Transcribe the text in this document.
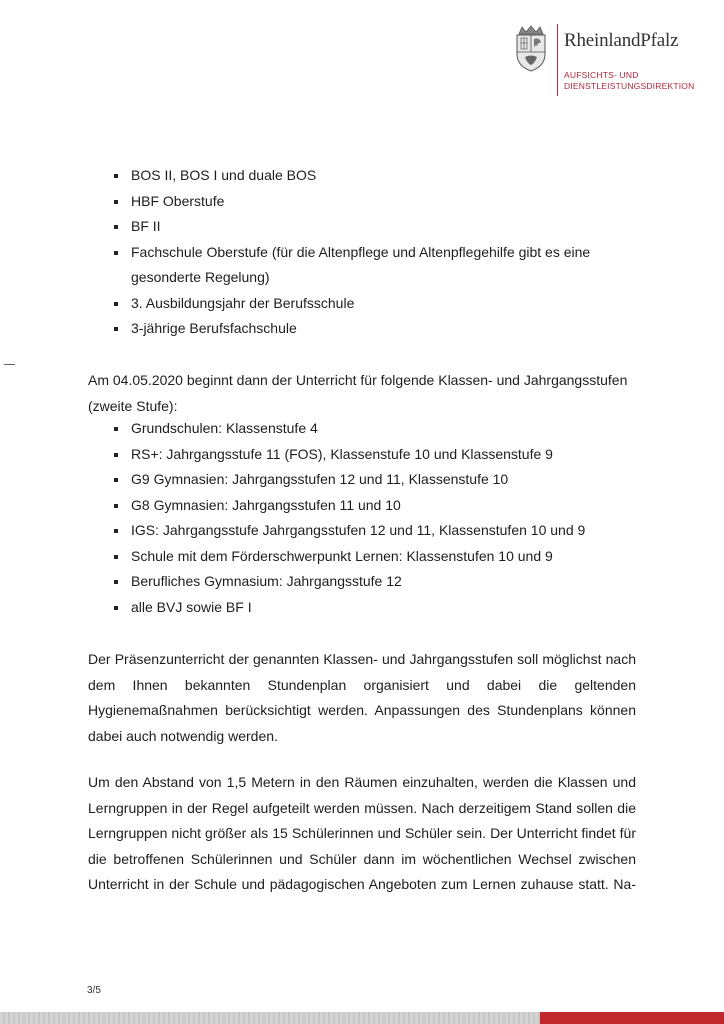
RheinlandPfalz
AUFSICHTS- UND
DIENSTLEISTUNGSDIREKTION
BOS II, BOS I und duale BOS
HBF Oberstufe
BF II
Fachschule Oberstufe (für die Altenpflege und Altenpflegehilfe gibt es eine gesonderte Regelung)
3. Ausbildungsjahr der Berufsschule
3-jährige Berufsfachschule

Am 04.05.2020 beginnt dann der Unterricht für folgende Klassen- und Jahrgangsstufen (zweite Stufe):

Grundschulen: Klassenstufe 4
RS+: Jahrgangsstufe 11 (FOS), Klassenstufe 10 und Klassenstufe 9
G9 Gymnasien: Jahrgangsstufen 12 und 11, Klassenstufe 10
G8 Gymnasien: Jahrgangsstufen 11 und 10
IGS: Jahrgangsstufe Jahrgangsstufen 12 und 11, Klassenstufen 10 und 9
Schule mit dem Förderschwerpunkt Lernen: Klassenstufen 10 und 9
Berufliches Gymnasium: Jahrgangsstufe 12
alle BVJ sowie BF I

Der Präsenzunterricht der genannten Klassen- und Jahrgangsstufen soll möglichst nach dem Ihnen bekannten Stundenplan organisiert und dabei die geltenden Hygienemaßnahmen berücksichtigt werden. Anpassungen des Stundenplans können dabei auch notwendig werden.

Um den Abstand von 1,5 Metern in den Räumen einzuhalten, werden die Klassen und Lerngruppen in der Regel aufgeteilt werden müssen. Nach derzeitigem Stand sollen die Lerngruppen nicht größer als 15 Schülerinnen und Schüler sein. Der Unterricht findet für die betroffenen Schülerinnen und Schüler dann im wöchentlichen Wechsel zwischen Unterricht in der Schule und pädagogischen Angeboten zum Lernen zuhause statt. Na-

3/5
